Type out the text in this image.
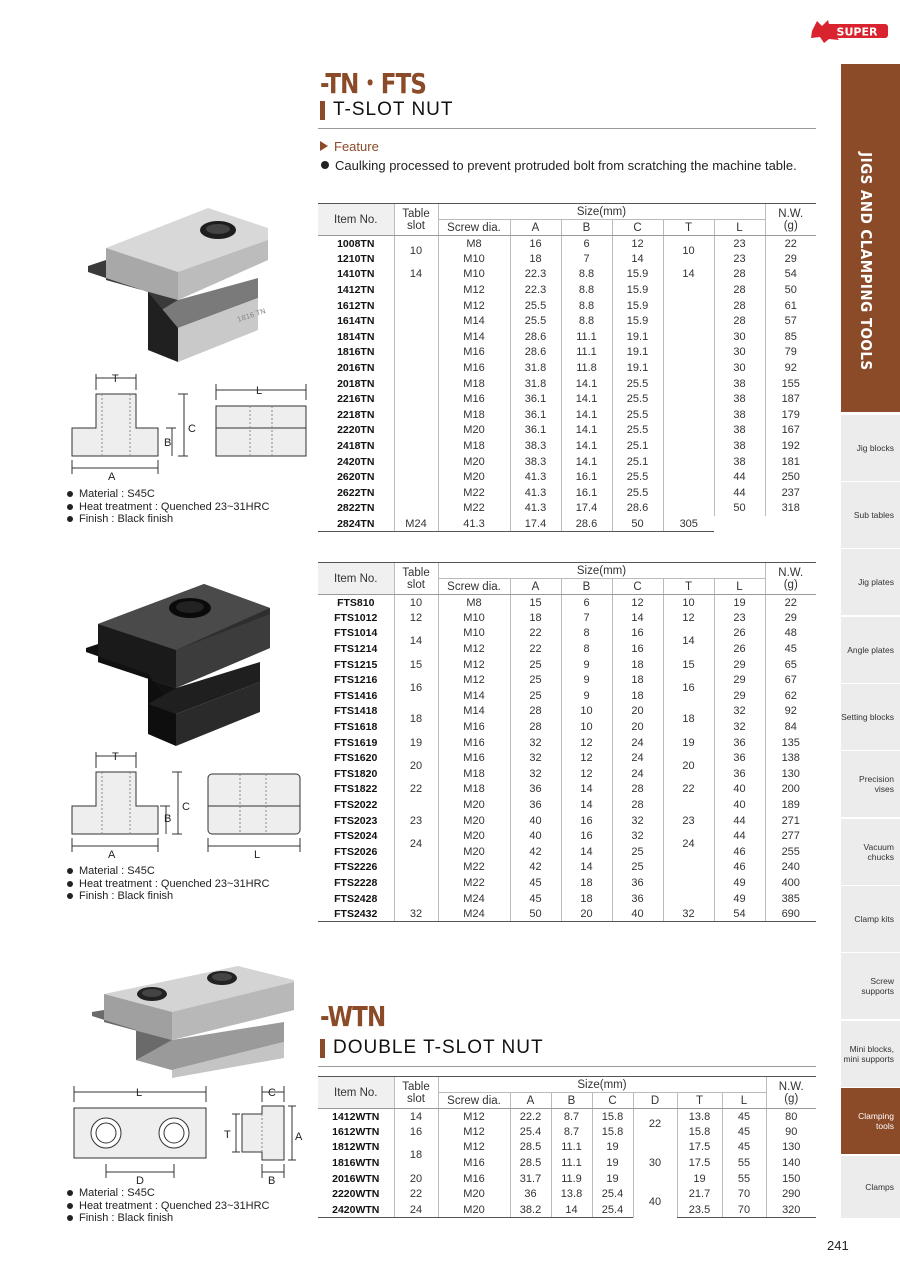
SUPER
-TN・FTS
T-SLOT NUT
Feature
Caulking processed to prevent protruded bolt from scratching the machine table.
1816 TN
T
C
B
A
L
Material : S45C
Heat treatment : Quenched 23~31HRC
Finish : Black finish
Item No.	Table
slot	Size(mm)						N.W.
(g)
		Screw dia.	A	B	C	T	L	
1008TN	10	M8	16	6	12	10	23	22
1210TN		M10	18	7	14		23	29
1410TN	14	M10	22.3	8.8	15.9	14	28	54
1412TN		M12	22.3	8.8	15.9		28	50
1612TN		M12	25.5	8.8	15.9		28	61
1614TN		M14	25.5	8.8	15.9		28	57
1814TN		M14	28.6	11.1	19.1		30	85
1816TN		M16	28.6	11.1	19.1		30	79
2016TN		M16	31.8	11.8	19.1		30	92
2018TN		M18	31.8	14.1	25.5		38	155
2216TN		M16	36.1	14.1	25.5		38	187
2218TN		M18	36.1	14.1	25.5		38	179
2220TN		M20	36.1	14.1	25.5		38	167
2418TN		M18	38.3	14.1	25.1		38	192
2420TN		M20	38.3	14.1	25.1		38	181
2620TN		M20	41.3	16.1	25.5		44	250
2622TN		M22	41.3	16.1	25.5		44	237
2822TN		M22	41.3	17.4	28.6		50	318
2824TN	M24	41.3	17.4	28.6	50	305		
T
C
B
A	L
Material : S45C
Heat treatment : Quenched 23~31HRC
Finish : Black finish
Item No.	Table
slot	Size(mm)						N.W.
(g)
		Screw dia.	A	B	C	T	L	
FTS810	10	M8	15	6	12	10	19	22
FTS1012	12	M10	18	7	14	12	23	29
FTS1014	14	M10	22	8	16	14	26	48
FTS1214		M12	22	8	16		26	45
FTS1215	15	M12	25	9	18	15	29	65
FTS1216	16	M12	25	9	18	16	29	67
FTS1416		M14	25	9	18		29	62
FTS1418	18	M14	28	10	20	18	32	92
FTS1618		M16	28	10	20		32	84
FTS1619	19	M16	32	12	24	19	36	135
FTS1620	20	M16	32	12	24	20	36	138
FTS1820		M18	32	12	24		36	130
FTS1822	22	M18	36	14	28	22	40	200
FTS2022		M20	36	14	28		40	189
FTS2023	23	M20	40	16	32	23	44	271
FTS2024	24	M20	40	16	32	24	44	277
FTS2026		M20	42	14	25		46	255
FTS2226		M22	42	14	25		46	240
FTS2228		M22	45	18	36		49	400
FTS2428		M24	45	18	36		49	385
FTS2432	32	M24	50	20	40	32	54	690
-WTN
DOUBLE T-SLOT NUT
L	C
T	A
D	B
Material : S45C
Heat treatment : Quenched 23~31HRC
Finish : Black finish
Item No.	Table
slot	Size(mm)							N.W.
(g)
		Screw dia.	A	B	C	D	T	L	
1412WTN	14	M12	22.2	8.7	15.8	22	13.8	45	80
1612WTN	16	M12	25.4	8.7	15.8		15.8	45	90
1812WTN	18	M12	28.5	11.1	19	30	17.5	45	130
1816WTN		M16	28.5	11.1	19		17.5	55	140
2016WTN	20	M16	31.7	11.9	19		19	55	150
2220WTN	22	M20	36	13.8	25.4	40	21.7	70	290
2420WTN	24	M20	38.2	14	25.4		23.5	70	320
JIGS AND CLAMPING TOOLS
Jig blocks
Sub tables
Jig plates
Angle plates
Setting blocks
Precision vises
Vacuum chucks
Clamp kits
Screw supports
Mini blocks, mini supports
Clamping tools
Clamps
241
